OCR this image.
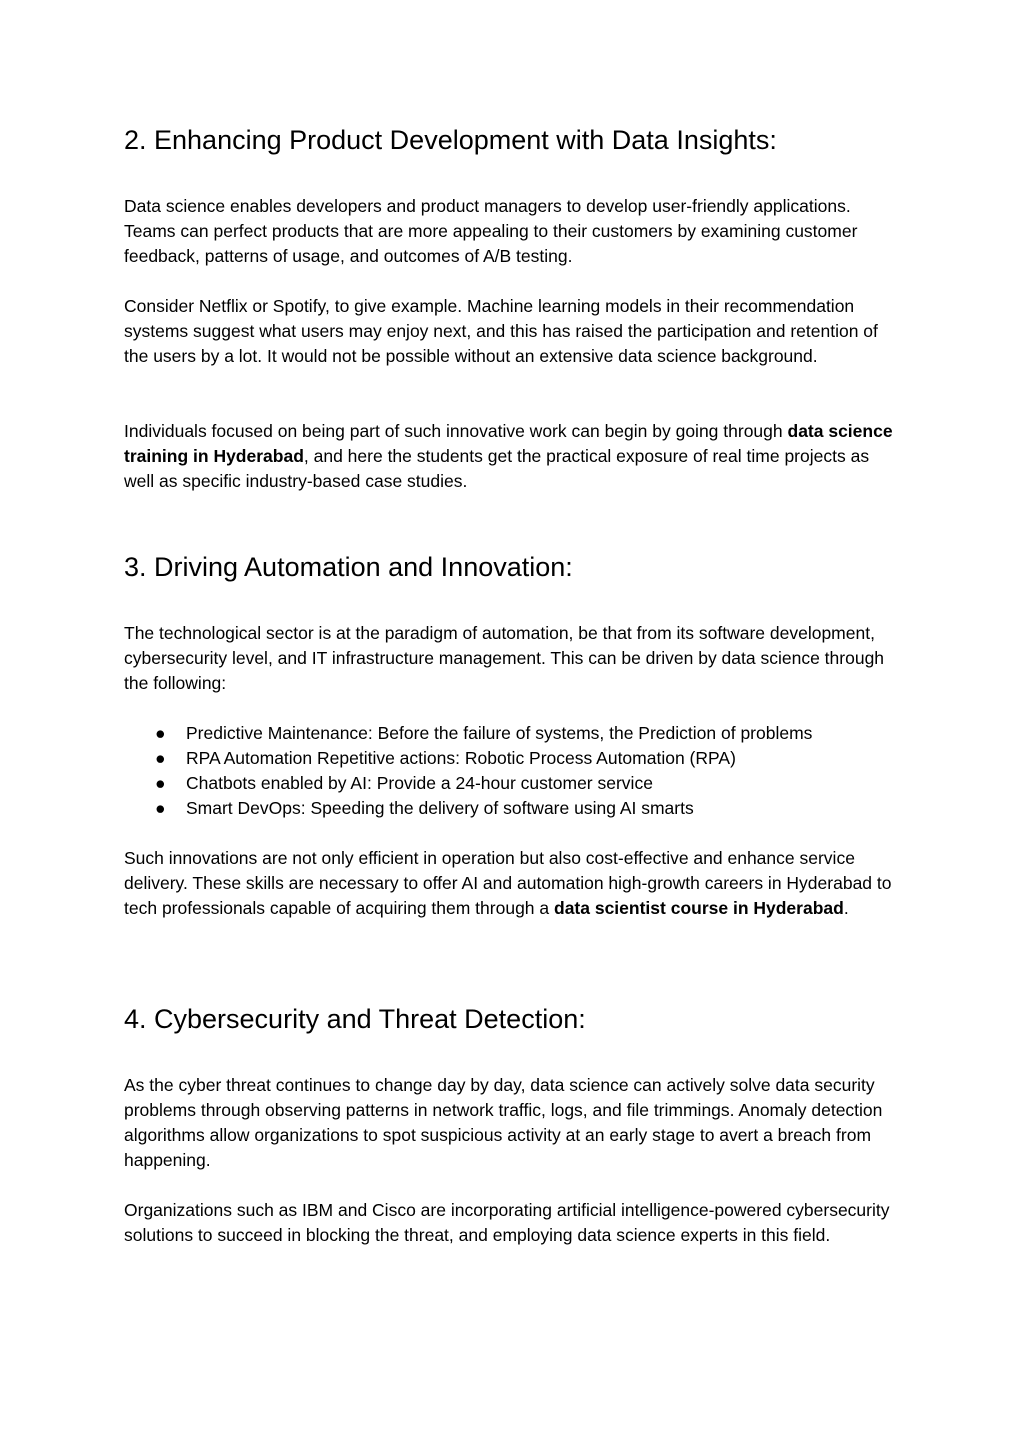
2. Enhancing Product Development with Data Insights:

Data science enables developers and product managers to develop user-friendly applications. Teams can perfect products that are more appealing to their customers by examining customer feedback, patterns of usage, and outcomes of A/B testing.

Consider Netflix or Spotify, to give example. Machine learning models in their recommendation systems suggest what users may enjoy next, and this has raised the participation and retention of the users by a lot. It would not be possible without an extensive data science background.

Individuals focused on being part of such innovative work can begin by going through data science training in Hyderabad, and here the students get the practical exposure of real time projects as well as specific industry-based case studies.

3. Driving Automation and Innovation:

The technological sector is at the paradigm of automation, be that from its software development, cybersecurity level, and IT infrastructure management. This can be driven by data science through the following:

● Predictive Maintenance: Before the failure of systems, the Prediction of problems
● RPA Automation Repetitive actions: Robotic Process Automation (RPA)
● Chatbots enabled by AI: Provide a 24-hour customer service
● Smart DevOps: Speeding the delivery of software using AI smarts

Such innovations are not only efficient in operation but also cost-effective and enhance service delivery. These skills are necessary to offer AI and automation high-growth careers in Hyderabad to tech professionals capable of acquiring them through a data scientist course in Hyderabad.

4. Cybersecurity and Threat Detection:

As the cyber threat continues to change day by day, data science can actively solve data security problems through observing patterns in network traffic, logs, and file trimmings. Anomaly detection algorithms allow organizations to spot suspicious activity at an early stage to avert a breach from happening.

Organizations such as IBM and Cisco are incorporating artificial intelligence-powered cybersecurity solutions to succeed in blocking the threat, and employing data science experts in this field.
